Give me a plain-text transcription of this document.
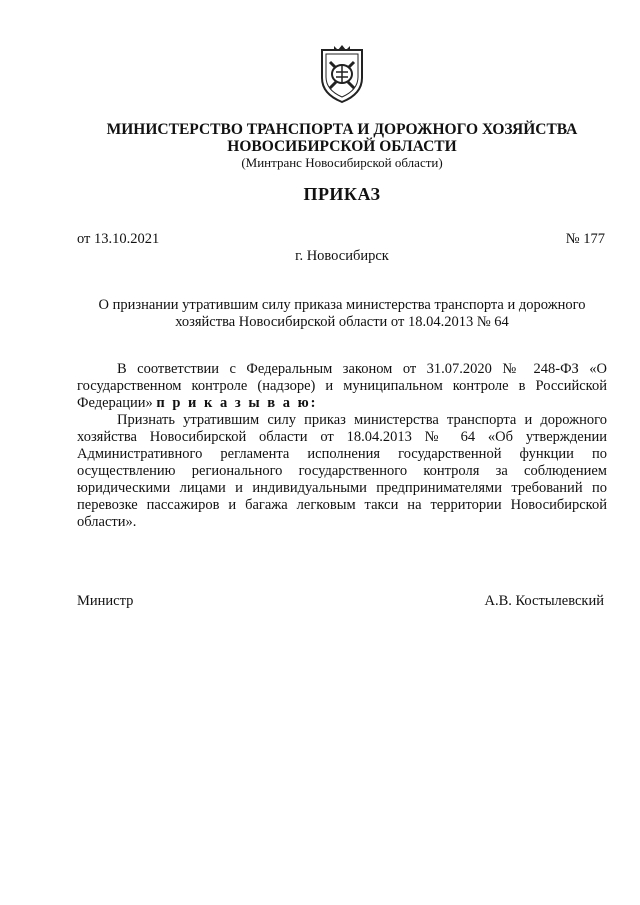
МИНИСТЕРСТВО ТРАНСПОРТА И ДОРОЖНОГО ХОЗЯЙСТВА
НОВОСИБИРСКОЙ ОБЛАСТИ
(Минтранс Новосибирской области)
ПРИКАЗ
от 13.10.2021	№ 177
г. Новосибирск
О признании утратившим силу приказа министерства транспорта и дорожного хозяйства Новосибирской области от 18.04.2013 № 64

В соответствии с Федеральным законом от 31.07.2020 № 248-ФЗ «О государственном контроле (надзоре) и муниципальном контроле в Российской Федерации» п р и к а з ы в а ю:

Признать утратившим силу приказ министерства транспорта и дорожного хозяйства Новосибирской области от 18.04.2013 № 64 «Об утверждении Административного регламента исполнения государственной функции по осуществлению регионального государственного контроля за соблюдением юридическими лицами и индивидуальными предпринимателями требований по перевозке пассажиров и багажа легковым такси на территории Новосибирской области».

Министр	А.В. Костылевский
